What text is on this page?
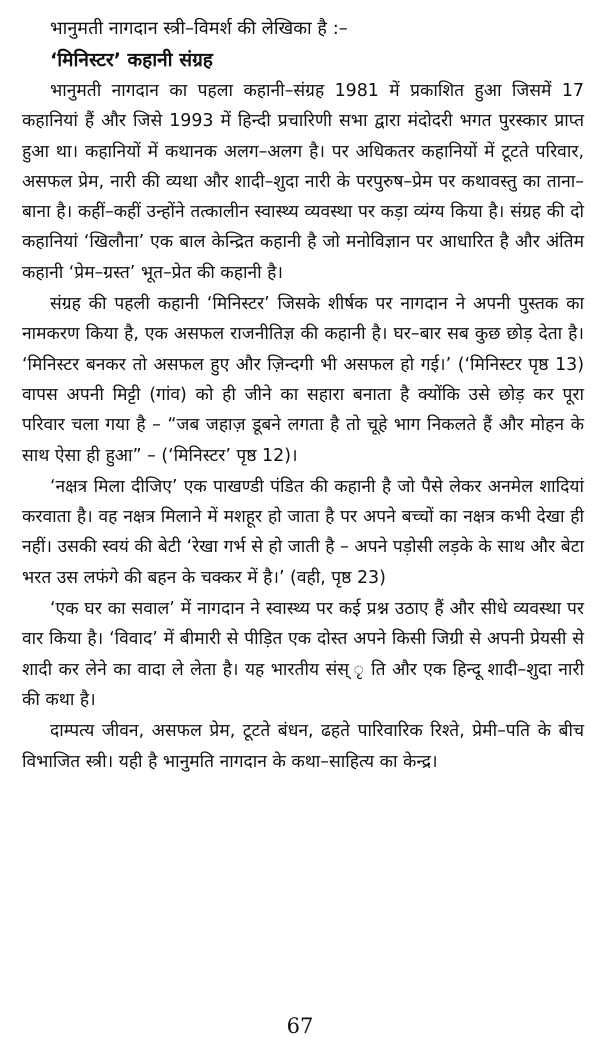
भानुमती नागदान स्त्री–विमर्श की लेखिका है :–

‘मिनिस्टर’ कहानी संग्रह

भानुमती नागदान का पहला कहानी–संग्रह 1981 में प्रकाशित हुआ जिसमें 17 कहानियां हैं और जिसे 1993 में हिन्दी प्रचारिणी सभा द्वारा मंदोदरी भगत पुरस्कार प्राप्त हुआ था। कहानियों में कथानक अलग–अलग है। पर अधिकतर कहानियों में टूटते परिवार, असफल प्रेम, नारी की व्यथा और शादी–शुदा नारी के परपुरुष–प्रेम पर कथावस्तु का ताना–बाना है। कहीं–कहीं उन्होंने तत्कालीन स्वास्थ्य व्यवस्था पर कड़ा व्यंग्य किया है। संग्रह की दो कहानियां ‘खिलौना’ एक बाल केन्द्रित कहानी है जो मनोविज्ञान पर आधारित है और अंतिम कहानी ‘प्रेम–ग्रस्त’ भूत–प्रेत की कहानी है।

संग्रह की पहली कहानी ‘मिनिस्टर’ जिसके शीर्षक पर नागदान ने अपनी पुस्तक का नामकरण किया है, एक असफल राजनीतिज्ञ की कहानी है। घर–बार सब कुछ छोड़ देता है। ‘मिनिस्टर बनकर तो असफल हुए और ज़िन्दगी भी असफल हो गई।’ (‘मिनिस्टर पृष्ठ 13) वापस अपनी मिट्टी (गांव) को ही जीने का सहारा बनाता है क्योंकि उसे छोड़ कर पूरा परिवार चला गया है – “जब जहाज़ डूबने लगता है तो चूहे भाग निकलते हैं और मोहन के साथ ऐसा ही हुआ” – (‘मिनिस्टर’ पृष्ठ 12)।

‘नक्षत्र मिला दीजिए’ एक पाखण्डी पंडित की कहानी है जो पैसे लेकर अनमेल शादियां करवाता है। वह नक्षत्र मिलाने में मशहूर हो जाता है पर अपने बच्चों का नक्षत्र कभी देखा ही नहीं। उसकी स्वयं की बेटी ‘रेखा गर्भ से हो जाती है – अपने पड़ोसी लड़के के साथ और बेटा भरत उस लफंगे की बहन के चक्कर में है।’ (वही, पृष्ठ 23)

‘एक घर का सवाल’ में नागदान ने स्वास्थ्य पर कई प्रश्न उठाए हैं और सीधे व्यवस्था पर वार किया है। ‘विवाद’ में बीमारी से पीड़ित एक दोस्त अपने किसी जिग्री से अपनी प्रेयसी से शादी कर लेने का वादा ले लेता है। यह भारतीय संस् ृ ति और एक हिन्दू शादी–शुदा नारी की कथा है।

दाम्पत्य जीवन, असफल प्रेम, टूटते बंधन, ढहते पारिवारिक रिश्ते, प्रेमी–पति के बीच विभाजित स्त्री। यही है भानुमति नागदान के कथा–साहित्य का केन्द्र।

67
